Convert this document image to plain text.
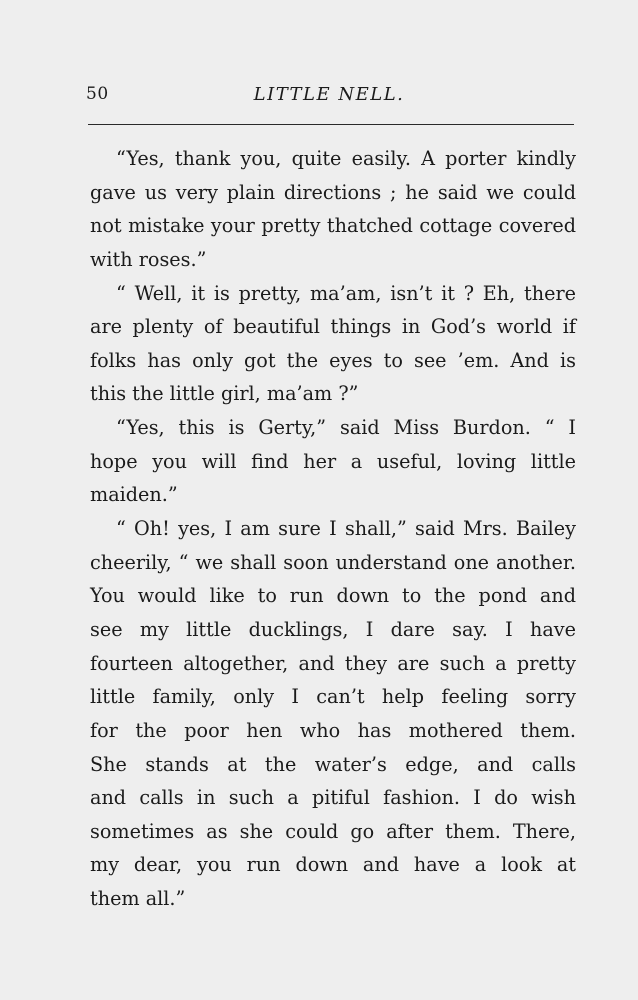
50	LITTLE NELL.

“Yes, thank you, quite easily. A porter kindly
gave us very plain directions ; he said we could
not mistake your pretty thatched cottage covered
with roses.”

“ Well, it is pretty, ma’am, isn’t it ? Eh, there
are plenty of beautiful things in God’s world if
folks has only got the eyes to see ’em. And is
this the little girl, ma’am ?”

“Yes, this is Gerty,” said Miss Burdon. “ I
hope you will find her a useful, loving little
maiden.”

“ Oh! yes, I am sure I shall,” said Mrs. Bailey
cheerily, “ we shall soon understand one another.
You would like to run down to the pond and
see my little ducklings, I dare say. I have
fourteen altogether, and they are such a pretty
little family, only I can’t help feeling sorry
for the poor hen who has mothered them.
She stands at the water’s edge, and calls
and calls in such a pitiful fashion. I do wish
sometimes as she could go after them. There,
my dear, you run down and have a look at
them all.”
